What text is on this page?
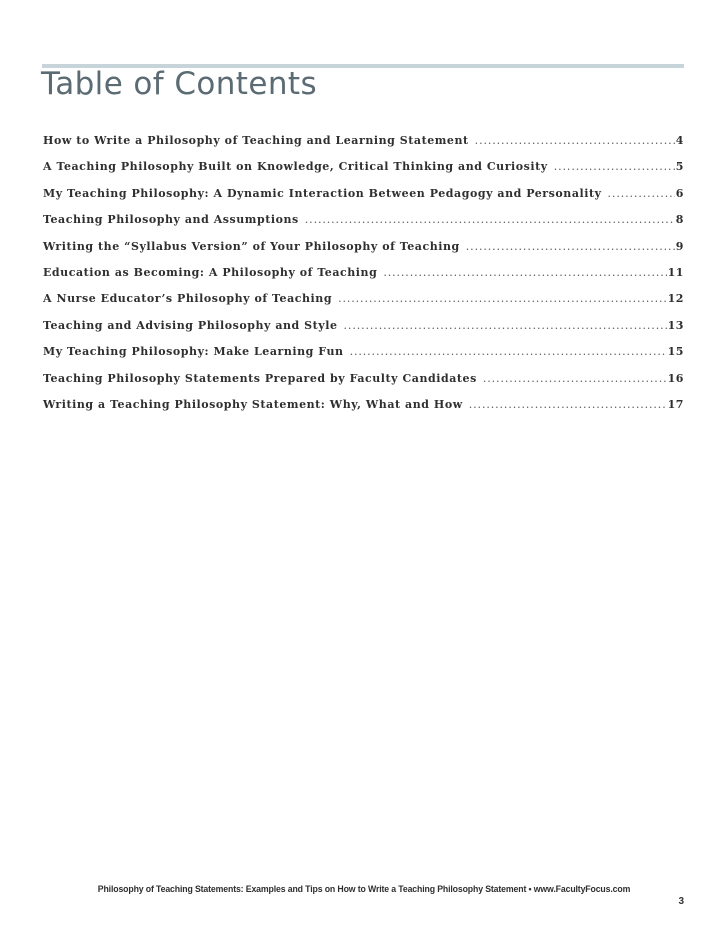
Table of Contents
How to Write a Philosophy of Teaching and Learning Statement .....	4
A Teaching Philosophy Built on Knowledge, Critical Thinking and Curiosity .....	5
My Teaching Philosophy: A Dynamic Interaction Between Pedagogy and Personality .....	6
Teaching Philosophy and Assumptions .....	8
Writing the “Syllabus Version” of Your Philosophy of Teaching .....	9
Education as Becoming: A Philosophy of Teaching .....	11
A Nurse Educator’s Philosophy of Teaching .....	12
Teaching and Advising Philosophy and Style .....	13
My Teaching Philosophy: Make Learning Fun .....	15
Teaching Philosophy Statements Prepared by Faculty Candidates .....	16
Writing a Teaching Philosophy Statement: Why, What and How .....	17
Philosophy of Teaching Statements: Examples and Tips on How to Write a Teaching Philosophy Statement • www.FacultyFocus.com
3
